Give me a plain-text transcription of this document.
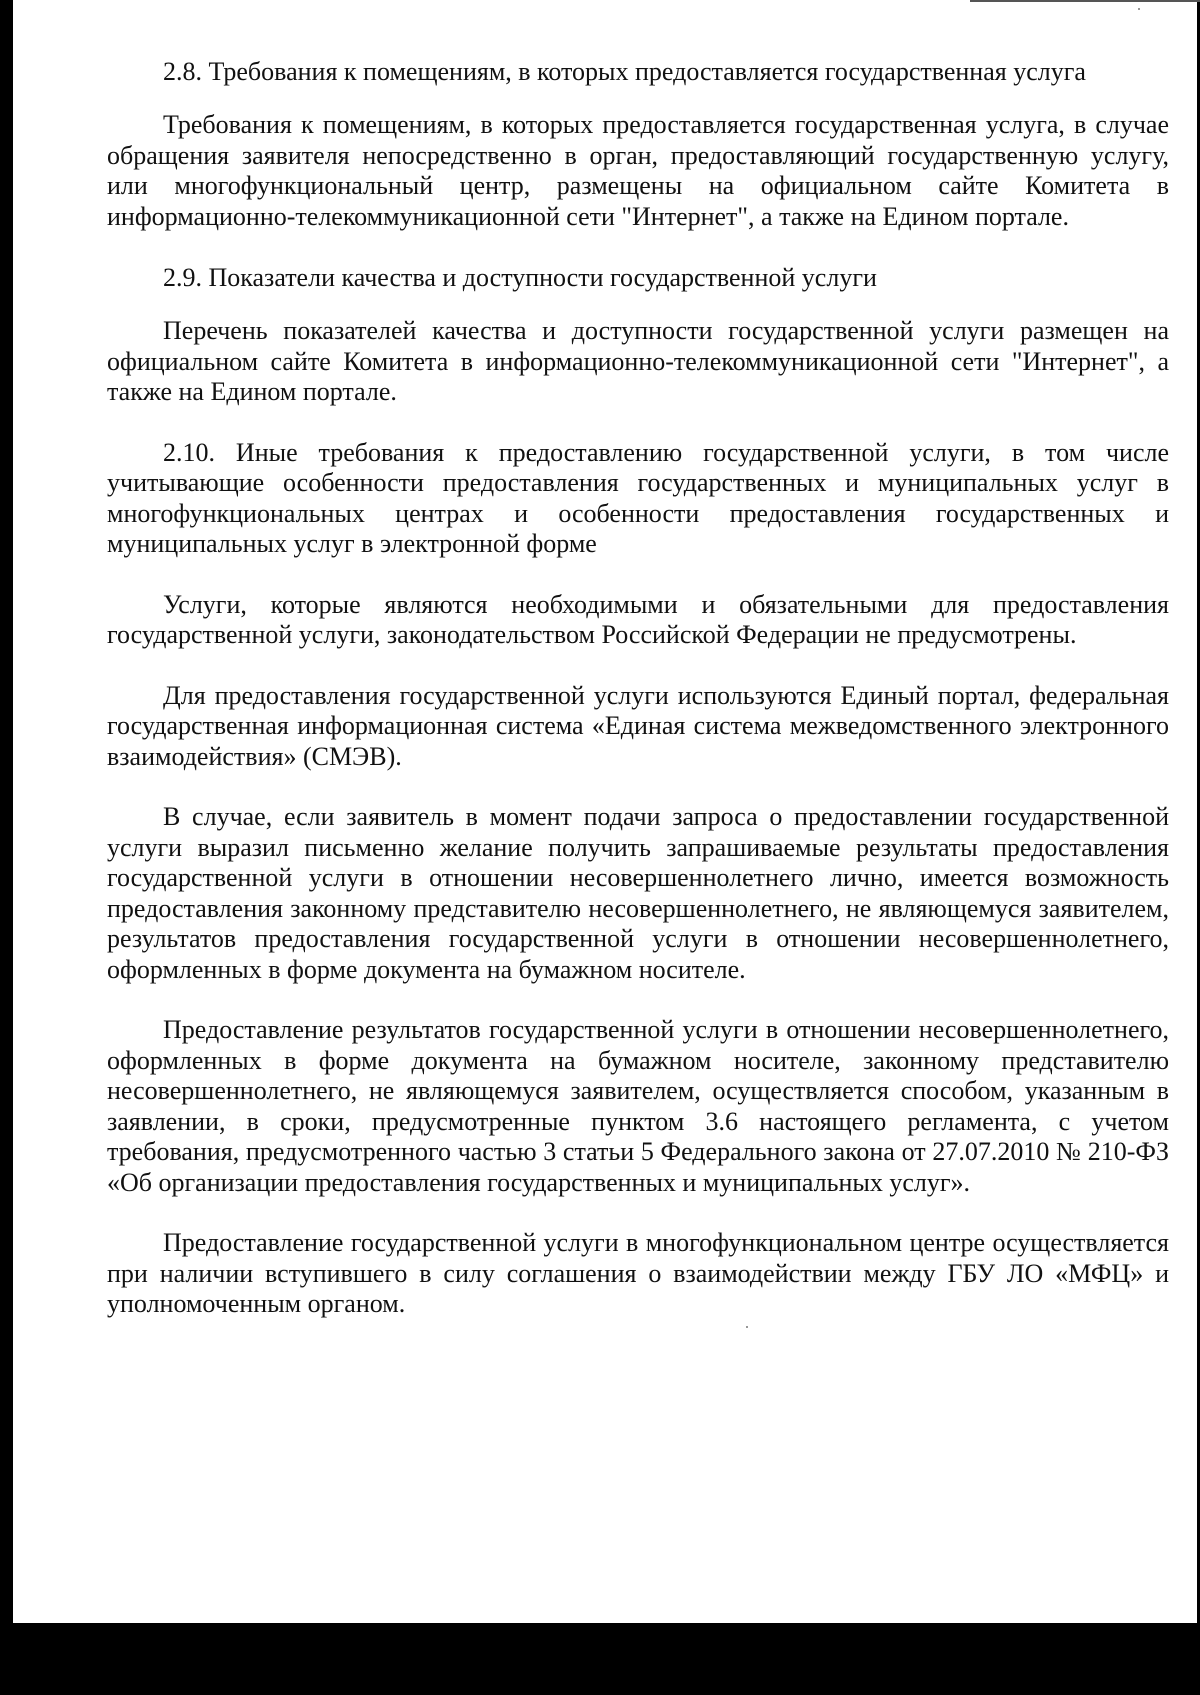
2.8. Требования к помещениям, в которых предоставляется государственная услуга

Требования к помещениям, в которых предоставляется государственная услуга, в случае обращения заявителя непосредственно в орган, предоставляющий государственную услугу, или многофункциональный центр, размещены на официальном сайте Комитета в информационно-телекоммуникационной сети "Интернет", а также на Едином портале.

2.9. Показатели качества и доступности государственной услуги

Перечень показателей качества и доступности государственной услуги размещен на официальном сайте Комитета в информационно-телекоммуникационной сети "Интернет", а также на Едином портале.

2.10. Иные требования к предоставлению государственной услуги, в том числе учитывающие особенности предоставления государственных и муниципальных услуг в многофункциональных центрах и особенности предоставления государственных и муниципальных услуг в электронной форме

Услуги, которые являются необходимыми и обязательными для предоставления государственной услуги, законодательством Российской Федерации не предусмотрены.

Для предоставления государственной услуги используются Единый портал, федеральная государственная информационная система «Единая система межведомственного электронного взаимодействия» (СМЭВ).

В случае, если заявитель в момент подачи запроса о предоставлении государственной услуги выразил письменно желание получить запрашиваемые результаты предоставления государственной услуги в отношении несовершеннолетнего лично, имеется возможность предоставления законному представителю несовершеннолетнего, не являющемуся заявителем, результатов предоставления государственной услуги в отношении несовершеннолетнего, оформленных в форме документа на бумажном носителе.

Предоставление результатов государственной услуги в отношении несовершеннолетнего, оформленных в форме документа на бумажном носителе, законному представителю несовершеннолетнего, не являющемуся заявителем, осуществляется способом, указанным в заявлении, в сроки, предусмотренные пунктом 3.6 настоящего регламента, с учетом требования, предусмотренного частью 3 статьи 5 Федерального закона от 27.07.2010 № 210-ФЗ «Об организации предоставления государственных и муниципальных услуг».

Предоставление государственной услуги в многофункциональном центре осуществляется при наличии вступившего в силу соглашения о взаимодействии между ГБУ ЛО «МФЦ» и уполномоченным органом.
